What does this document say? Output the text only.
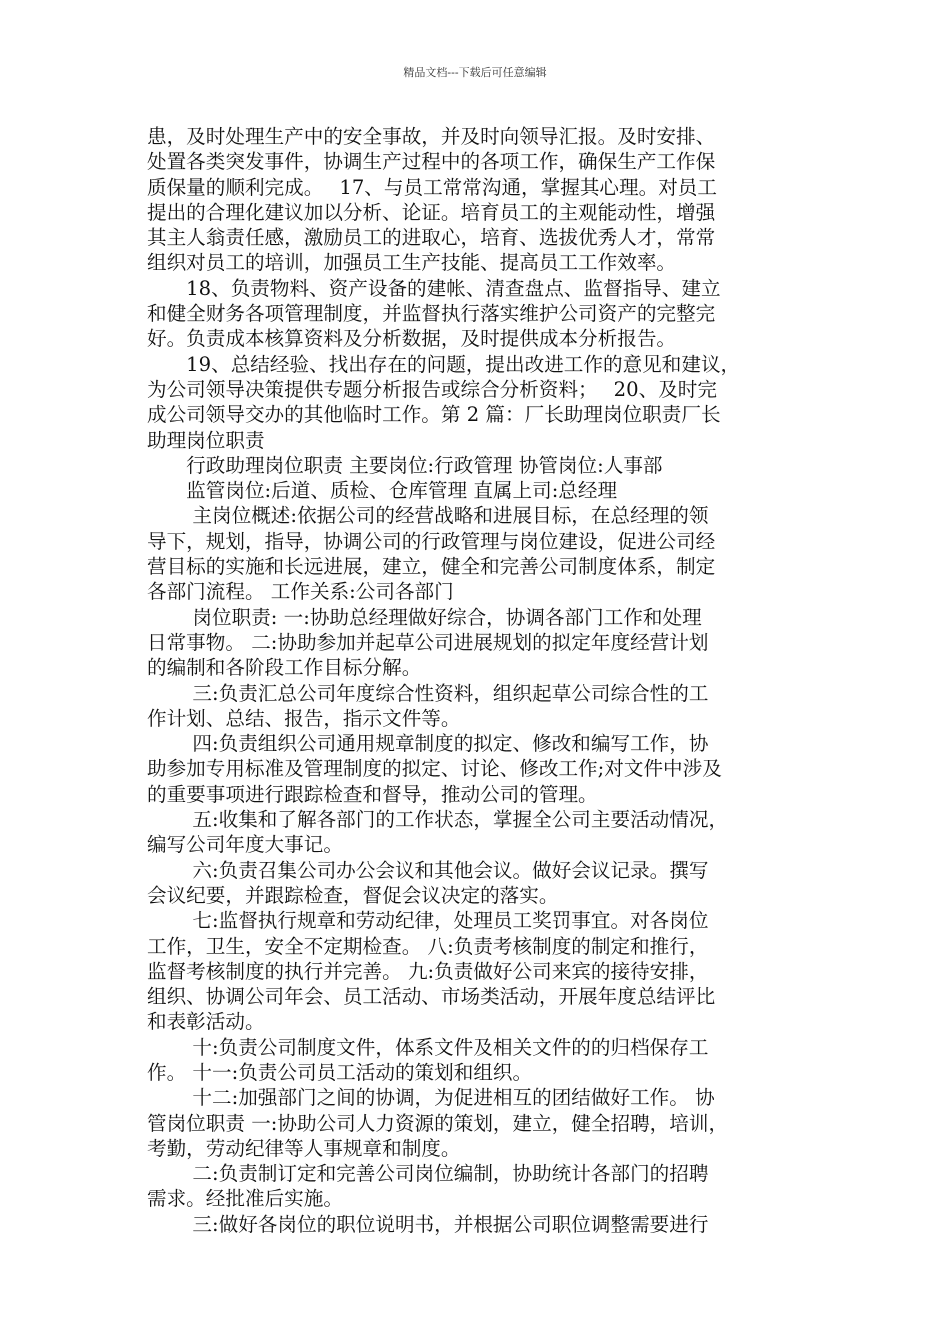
精品文档---下载后可任意编辑
患，及时处理生产中的安全事故，并及时向领导汇报。及时安排、
处置各类突发事件，协调生产过程中的各项工作，确保生产工作保
质保量的顺利完成。　 17、与员工常常沟通，掌握其心理。对员工
提出的合理化建议加以分析、论证。培育员工的主观能动性，增强
其主人翁责任感，激励员工的进取心，培育、选拔优秀人才，常常
组织对员工的培训，加强员工生产技能、提高员工工作效率。
　　18、负责物料、资产设备的建帐、清查盘点、监督指导、建立
和健全财务各项管理制度，并监督执行落实维护公司资产的完整完
好。负责成本核算资料及分析数据，及时提供成本分析报告。
　　19、总结经验、找出存在的问题，提出改进工作的意见和建议，
为公司领导决策提供专题分析报告或综合分析资料；　 20、及时完
成公司领导交办的其他临时工作。第 2 篇：厂长助理岗位职责厂长
助理岗位职责
　　行政助理岗位职责 主要岗位:行政管理 协管岗位:人事部
　　监管岗位:后道、质检、仓库管理 直属上司:总经理
　　 主岗位概述:依据公司的经营战略和进展目标，在总经理的领
导下，规划，指导，协调公司的行政管理与岗位建设，促进公司经
营目标的实施和长远进展，建立，健全和完善公司制度体系，制定
各部门流程。 工作关系:公司各部门
　　 岗位职责: 一:协助总经理做好综合，协调各部门工作和处理
日常事物。 二:协助参加并起草公司进展规划的拟定年度经营计划
的编制和各阶段工作目标分解。
　　 三:负责汇总公司年度综合性资料，组织起草公司综合性的工
作计划、总结、报告，指示文件等。
　　 四:负责组织公司通用规章制度的拟定、修改和编写工作，协
助参加专用标准及管理制度的拟定、讨论、修改工作;对文件中涉及
的重要事项进行跟踪检查和督导，推动公司的管理。
　　 五:收集和了解各部门的工作状态，掌握全公司主要活动情况，
编写公司年度大事记。
　　 六:负责召集公司办公会议和其他会议。做好会议记录。撰写
会议纪要，并跟踪检查，督促会议决定的落实。
　　 七:监督执行规章和劳动纪律，处理员工奖罚事宜。对各岗位
工作，卫生，安全不定期检查。 八:负责考核制度的制定和推行，
监督考核制度的执行并完善。 九:负责做好公司来宾的接待安排，
组织、协调公司年会、员工活动、市场类活动，开展年度总结评比
和表彰活动。
　　 十:负责公司制度文件，体系文件及相关文件的的归档保存工
作。 十一:负责公司员工活动的策划和组织。
　　 十二:加强部门之间的协调，为促进相互的团结做好工作。 协
管岗位职责 一:协助公司人力资源的策划，建立，健全招聘，培训，
考勤，劳动纪律等人事规章和制度。
　　 二:负责制订定和完善公司岗位编制，协助统计各部门的招聘
需求。经批准后实施。
　　 三:做好各岗位的职位说明书，并根据公司职位调整需要进行
